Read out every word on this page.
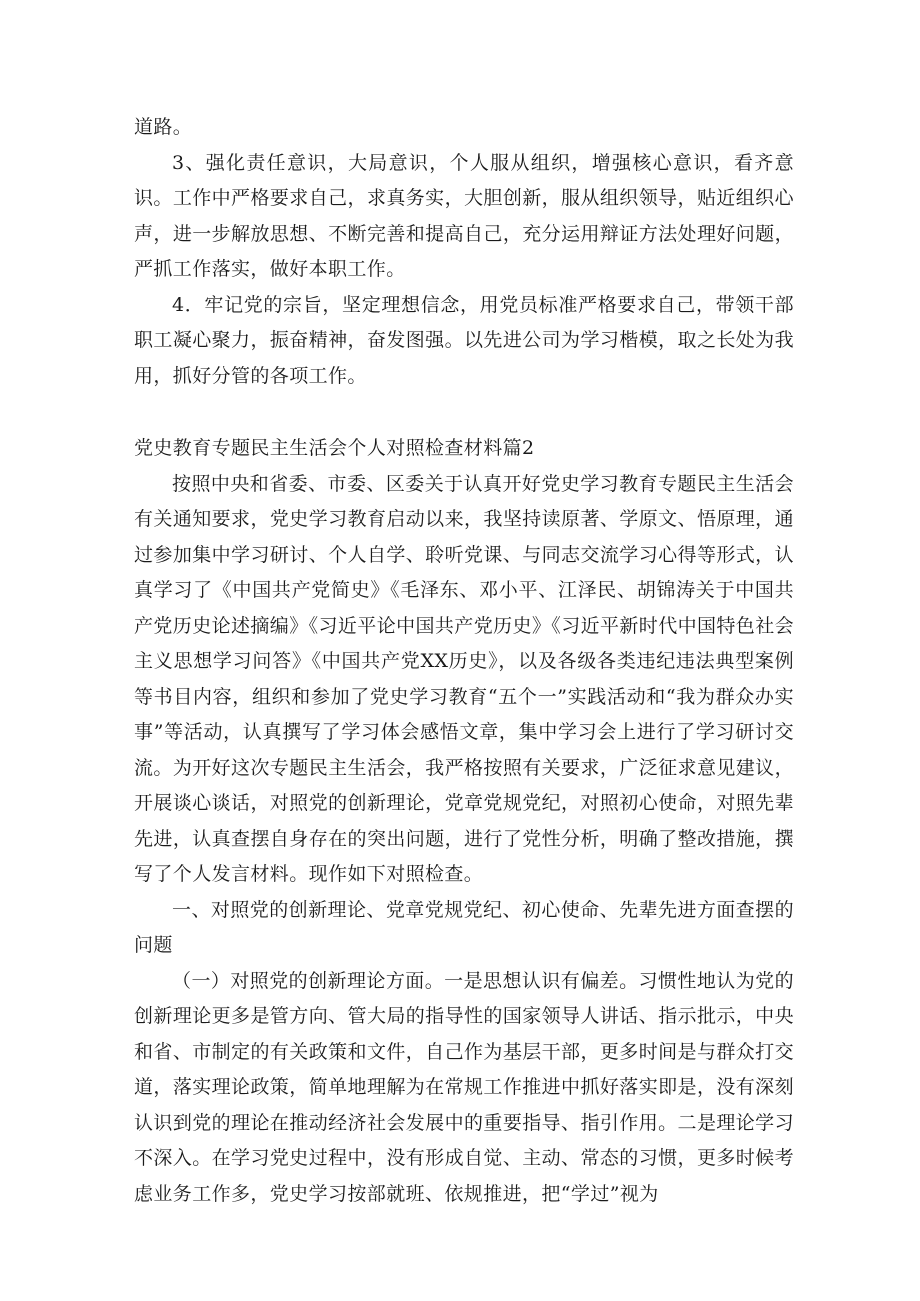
道路。

3、强化责任意识，大局意识，个人服从组织，增强核心意识，看齐意识。工作中严格要求自己，求真务实，大胆创新，服从组织领导，贴近组织心声，进一步解放思想、不断完善和提高自己，充分运用辩证方法处理好问题，严抓工作落实，做好本职工作。

4．牢记党的宗旨，坚定理想信念，用党员标准严格要求自己，带领干部职工凝心聚力，振奋精神，奋发图强。以先进公司为学习楷模，取之长处为我用，抓好分管的各项工作。

党史教育专题民主生活会个人对照检查材料篇2

按照中央和省委、市委、区委关于认真开好党史学习教育专题民主生活会有关通知要求，党史学习教育启动以来，我坚持读原著、学原文、悟原理，通过参加集中学习研讨、个人自学、聆听党课、与同志交流学习心得等形式，认真学习了《中国共产党简史》《毛泽东、邓小平、江泽民、胡锦涛关于中国共产党历史论述摘编》《习近平论中国共产党历史》《习近平新时代中国特色社会主义思想学习问答》《中国共产党XX历史》，以及各级各类违纪违法典型案例等书目内容，组织和参加了党史学习教育“五个一”实践活动和“我为群众办实事”等活动，认真撰写了学习体会感悟文章，集中学习会上进行了学习研讨交流。为开好这次专题民主生活会，我严格按照有关要求，广泛征求意见建议，开展谈心谈话，对照党的创新理论，党章党规党纪，对照初心使命，对照先辈先进，认真查摆自身存在的突出问题，进行了党性分析，明确了整改措施，撰写了个人发言材料。现作如下对照检查。

一、对照党的创新理论、党章党规党纪、初心使命、先辈先进方面查摆的问题

（一）对照党的创新理论方面。一是思想认识有偏差。习惯性地认为党的创新理论更多是管方向、管大局的指导性的国家领导人讲话、指示批示，中央和省、市制定的有关政策和文件，自己作为基层干部，更多时间是与群众打交道，落实理论政策，简单地理解为在常规工作推进中抓好落实即是，没有深刻认识到党的理论在推动经济社会发展中的重要指导、指引作用。二是理论学习不深入。在学习党史过程中，没有形成自觉、主动、常态的习惯，更多时候考虑业务工作多，党史学习按部就班、依规推进，把“学过”视为
